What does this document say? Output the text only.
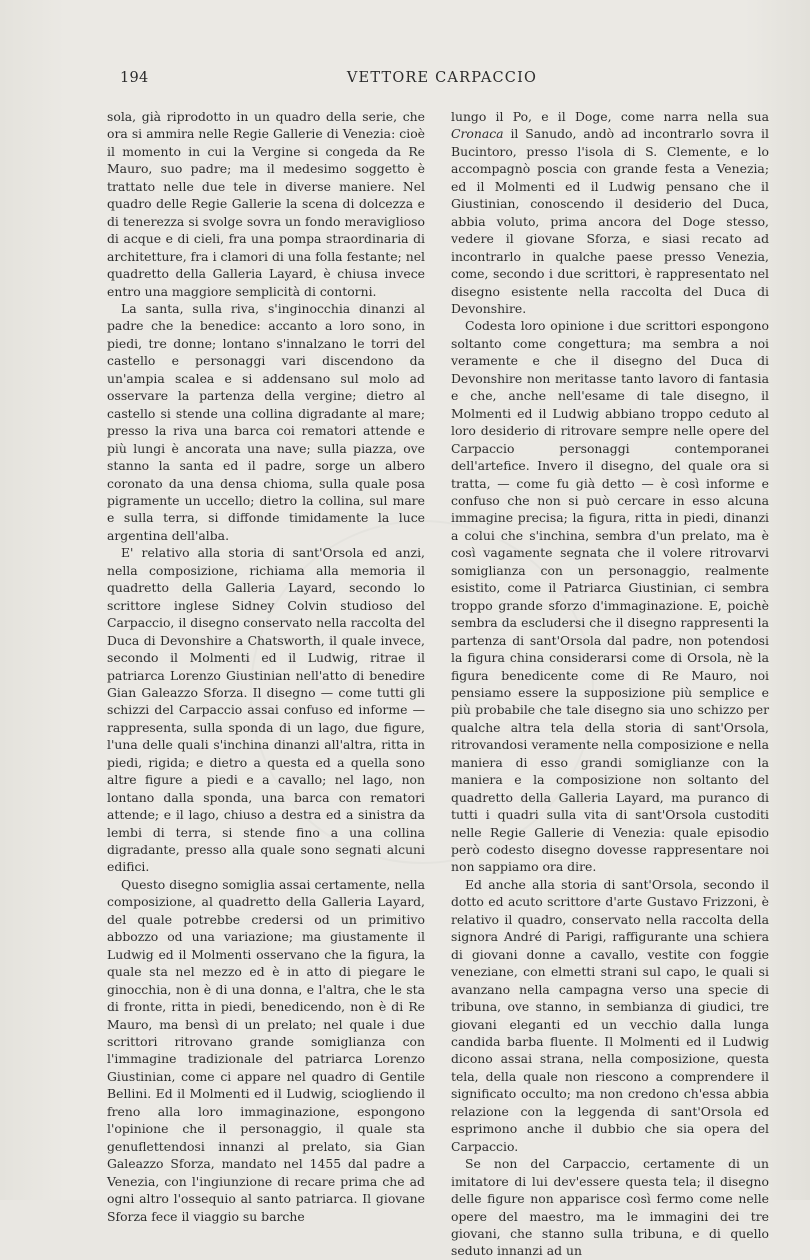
194	VETTORE CARPACCIO

sola, già riprodotto in un quadro della serie, che ora si ammira nelle Regie Gallerie di Venezia: cioè il momento in cui la Vergine si congeda da Re Mauro, suo padre; ma il medesimo soggetto è trattato nelle due tele in diverse maniere. Nel quadro delle Regie Gallerie la scena di dolcezza e di tenerezza si svolge sovra un fondo meraviglioso di acque e di cieli, fra una pompa straordinaria di architetture, fra i clamori di una folla festante; nel quadretto della Galleria Layard, è chiusa invece entro una maggiore semplicità di contorni.

La santa, sulla riva, s'inginocchia dinanzi al padre che la benedice: accanto a loro sono, in piedi, tre donne; lontano s'innalzano le torri del castello e personaggi vari discendono da un'ampia scalea e si addensano sul molo ad osservare la partenza della vergine; dietro al castello si stende una collina digradante al mare; presso la riva una barca coi rematori attende e più lungi è ancorata una nave; sulla piazza, ove stanno la santa ed il padre, sorge un albero coronato da una densa chioma, sulla quale posa pigramente un uccello; dietro la collina, sul mare e sulla terra, si diffonde timidamente la luce argentina dell'alba.

E' relativo alla storia di sant'Orsola ed anzi, nella composizione, richiama alla memoria il quadretto della Galleria Layard, secondo lo scrittore inglese Sidney Colvin studioso del Carpaccio, il disegno conservato nella raccolta del Duca di Devonshire a Chatsworth, il quale invece, secondo il Molmenti ed il Ludwig, ritrae il patriarca Lorenzo Giustinian nell'atto di benedire Gian Galeazzo Sforza. Il disegno — come tutti gli schizzi del Carpaccio assai confuso ed informe — rappresenta, sulla sponda di un lago, due figure, l'una delle quali s'inchina dinanzi all'altra, ritta in piedi, rigida; e dietro a questa ed a quella sono altre figure a piedi e a cavallo; nel lago, non lontano dalla sponda, una barca con rematori attende; e il lago, chiuso a destra ed a sinistra da lembi di terra, si stende fino a una collina digradante, presso alla quale sono segnati alcuni edifici.

Questo disegno somiglia assai certamente, nella composizione, al quadretto della Galleria Layard, del quale potrebbe credersi od un primitivo abbozzo od una variazione; ma giustamente il Ludwig ed il Molmenti osservano che la figura, la quale sta nel mezzo ed è in atto di piegare le ginocchia, non è di una donna, e l'altra, che le sta di fronte, ritta in piedi, benedicendo, non è di Re Mauro, ma bensì di un prelato; nel quale i due scrittori ritrovano grande somiglianza con l'immagine tradizionale del patriarca Lorenzo Giustinian, come ci appare nel quadro di Gentile Bellini. Ed il Molmenti ed il Ludwig, sciogliendo il freno alla loro immaginazione, espongono l'opinione che il personaggio, il quale sta genuflettendosi innanzi al prelato, sia Gian Galeazzo Sforza, mandato nel 1455 dal padre a Venezia, con l'ingiunzione di recare prima che ad ogni altro l'ossequio al santo patriarca. Il giovane Sforza fece il viaggio su barche

lungo il Po, e il Doge, come narra nella sua Cronaca il Sanudo, andò ad incontrarlo sovra il Bucintoro, presso l'isola di S. Clemente, e lo accompagnò poscia con grande festa a Venezia; ed il Molmenti ed il Ludwig pensano che il Giustinian, conoscendo il desiderio del Duca, abbia voluto, prima ancora del Doge stesso, vedere il giovane Sforza, e siasi recato ad incontrarlo in qualche paese presso Venezia, come, secondo i due scrittori, è rappresentato nel disegno esistente nella raccolta del Duca di Devonshire.

Codesta loro opinione i due scrittori espongono soltanto come congettura; ma sembra a noi veramente e che il disegno del Duca di Devonshire non meritasse tanto lavoro di fantasia e che, anche nell'esame di tale disegno, il Molmenti ed il Ludwig abbiano troppo ceduto al loro desiderio di ritrovare sempre nelle opere del Carpaccio personaggi contemporanei dell'artefice. Invero il disegno, del quale ora si tratta, — come fu già detto — è così informe e confuso che non si può cercare in esso alcuna immagine precisa; la figura, ritta in piedi, dinanzi a colui che s'inchina, sembra d'un prelato, ma è così vagamente segnata che il volere ritrovarvi somiglianza con un personaggio, realmente esistito, come il Patriarca Giustinian, ci sembra troppo grande sforzo d'immaginazione. E, poichè sembra da escludersi che il disegno rappresenti la partenza di sant'Orsola dal padre, non potendosi la figura china considerarsi come di Orsola, nè la figura benedicente come di Re Mauro, noi pensiamo essere la supposizione più semplice e più probabile che tale disegno sia uno schizzo per qualche altra tela della storia di sant'Orsola, ritrovandosi veramente nella composizione e nella maniera di esso grandi somiglianze con la maniera e la composizione non soltanto del quadretto della Galleria Layard, ma puranco di tutti i quadri sulla vita di sant'Orsola custoditi nelle Regie Gallerie di Venezia: quale episodio però codesto disegno dovesse rappresentare noi non sappiamo ora dire.

Ed anche alla storia di sant'Orsola, secondo il dotto ed acuto scrittore d'arte Gustavo Frizzoni, è relativo il quadro, conservato nella raccolta della signora André di Parigi, raffigurante una schiera di giovani donne a cavallo, vestite con foggie veneziane, con elmetti strani sul capo, le quali si avanzano nella campagna verso una specie di tribuna, ove stanno, in sembianza di giudici, tre giovani eleganti ed un vecchio dalla lunga candida barba fluente. Il Molmenti ed il Ludwig dicono assai strana, nella composizione, questa tela, della quale non riescono a comprendere il significato occulto; ma non credono ch'essa abbia relazione con la leggenda di sant'Orsola ed esprimono anche il dubbio che sia opera del Carpaccio.

Se non del Carpaccio, certamente di un imitatore di lui dev'essere questa tela; il disegno delle figure non apparisce così fermo come nelle opere del maestro, ma le immagini dei tre giovani, che stanno sulla tribuna, e di quello seduto innanzi ad un
